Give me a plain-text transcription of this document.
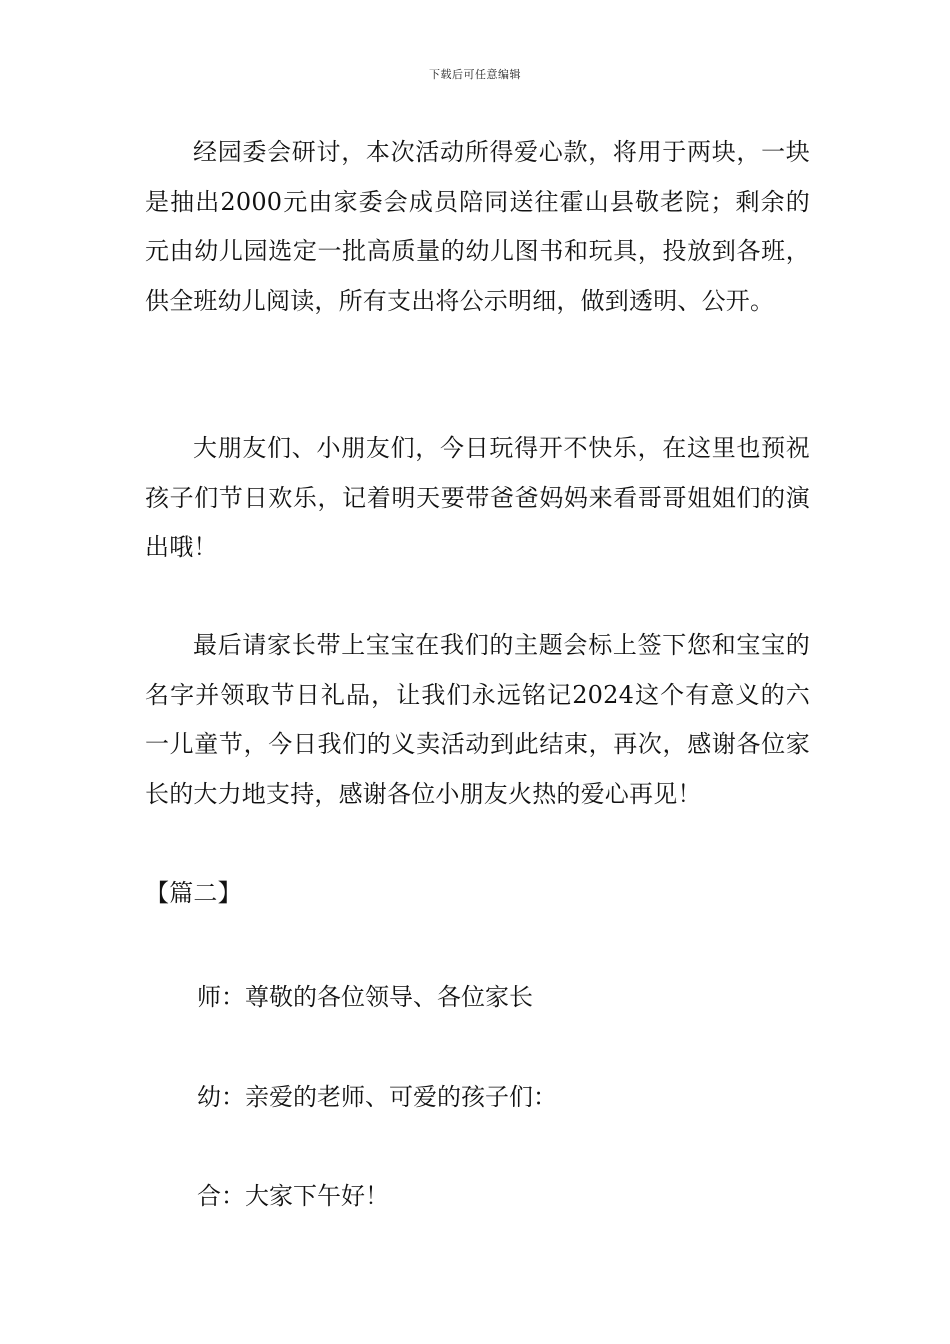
下载后可任意编辑

经园委会研讨，本次活动所得爱心款，将用于两块，一块是抽出2000元由家委会成员陪同送往霍山县敬老院；剩余的元由幼儿园选定一批高质量的幼儿图书和玩具，投放到各班，供全班幼儿阅读，所有支出将公示明细，做到透明、公开。

大朋友们、小朋友们，今日玩得开不快乐，在这里也预祝孩子们节日欢乐，记着明天要带爸爸妈妈来看哥哥姐姐们的演出哦！

最后请家长带上宝宝在我们的主题会标上签下您和宝宝的名字并领取节日礼品，让我们永远铭记2024这个有意义的六一儿童节，今日我们的义卖活动到此结束，再次，感谢各位家长的大力地支持，感谢各位小朋友火热的爱心再见！

【篇二】

师：尊敬的各位领导、各位家长
幼：亲爱的老师、可爱的孩子们：
合：大家下午好！
